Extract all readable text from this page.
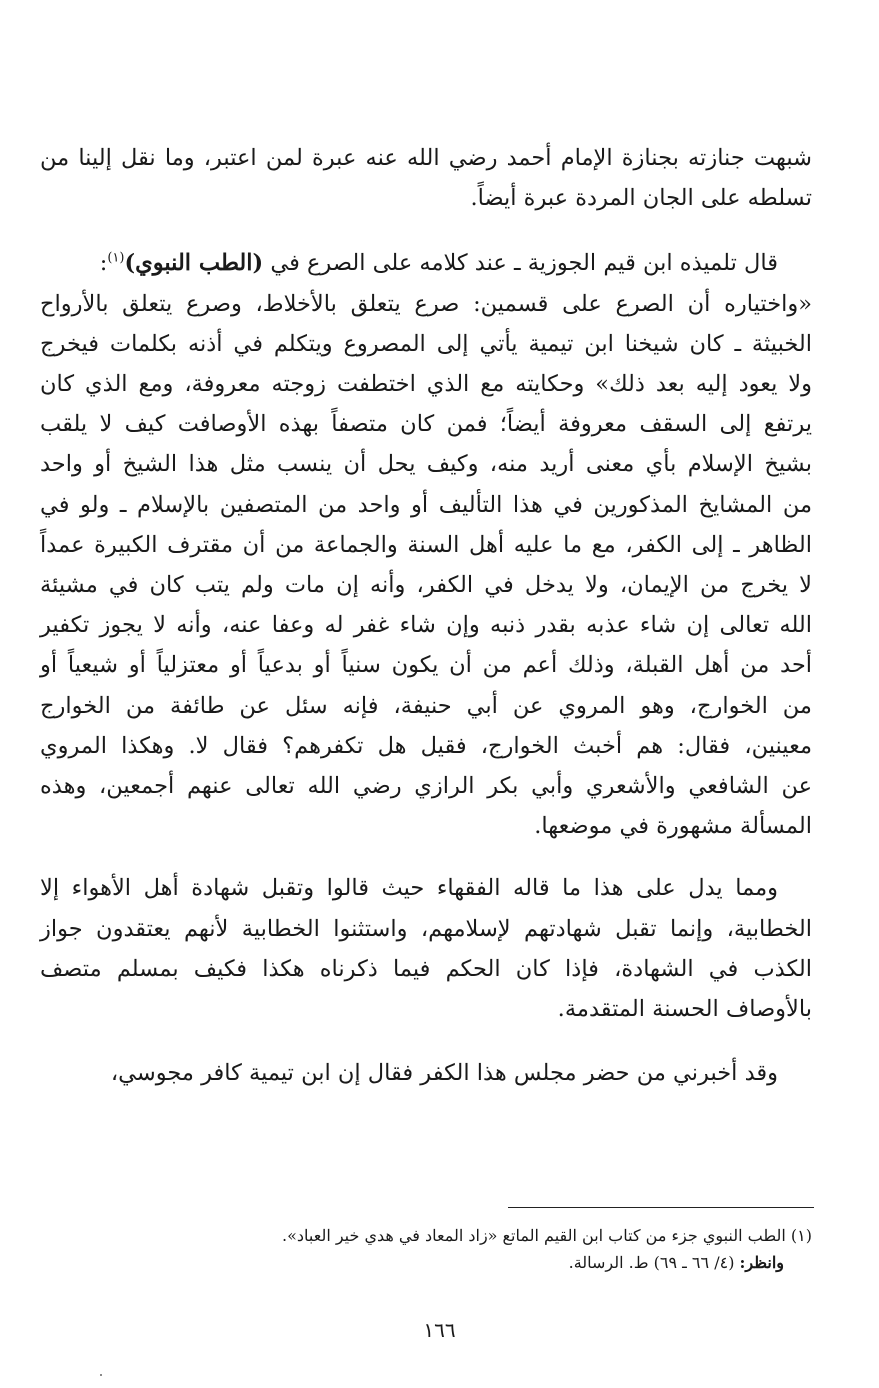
شبهت جنازته بجنازة الإمام أحمد رضي الله عنه عبرة لمن اعتبر، وما نقل إلينا من
تسلطه على الجان المردة عبرة أيضاً.
قال تلميذه ابن قيم الجوزية ـ عند كلامه على الصرع في (الطب النبوي)$^{(١)}$:
«واختياره أن الصرع على قسمين: صرع يتعلق بالأخلاط، وصرع يتعلق بالأرواح
الخبيثة ـ كان شيخنا ابن تيمية يأتي إلى المصروع ويتكلم في أذنه بكلمات فيخرج
ولا يعود إليه بعد ذلك» وحكايته مع الذي اختطفت زوجته معروفة، ومع الذي كان
يرتفع إلى السقف معروفة أيضاً؛ فمن كان متصفاً بهذه الأوصافت كيف لا يلقب
بشيخ الإسلام بأي معنى أريد منه، وكيف يحل أن ينسب مثل هذا الشيخ أو واحد
من المشايخ المذكورين في هذا التأليف أو واحد من المتصفين بالإسلام ـ ولو في
الظاهر ـ إلى الكفر، مع ما عليه أهل السنة والجماعة من أن مقترف الكبيرة عمداً
لا يخرج من الإيمان، ولا يدخل في الكفر، وأنه إن مات ولم يتب كان في مشيئة
الله تعالى إن شاء عذبه بقدر ذنبه وإن شاء غفر له وعفا عنه، وأنه لا يجوز تكفير
أحد من أهل القبلة، وذلك أعم من أن يكون سنياً أو بدعياً أو معتزلياً أو شيعياً أو
من الخوارج، وهو المروي عن أبي حنيفة، فإنه سئل عن طائفة من الخوارج
معينين، فقال: هم أخبث الخوارج، فقيل هل تكفرهم؟ فقال لا. وهكذا المروي
عن الشافعي والأشعري وأبي بكر الرازي رضي الله تعالى عنهم أجمعين، وهذه
المسألة مشهورة في موضعها.
ومما يدل على هذا ما قاله الفقهاء حيث قالوا وتقبل شهادة أهل الأهواء إلا
الخطابية، وإنما تقبل شهادتهم لإسلامهم، واستثنوا الخطابية لأنهم يعتقدون جواز
الكذب في الشهادة، فإذا كان الحكم فيما ذكرناه هكذا فكيف بمسلم متصف
بالأوصاف الحسنة المتقدمة.
وقد أخبرني من حضر مجلس هذا الكفر فقال إن ابن تيمية كافر مجوسي،
(١) الطب النبوي جزء من كتاب ابن القيم الماتع «زاد المعاد في هدي خير العباد».
وانظر: (٤/ ٦٦ ـ ٦٩) ط. الرسالة.
١٦٦
